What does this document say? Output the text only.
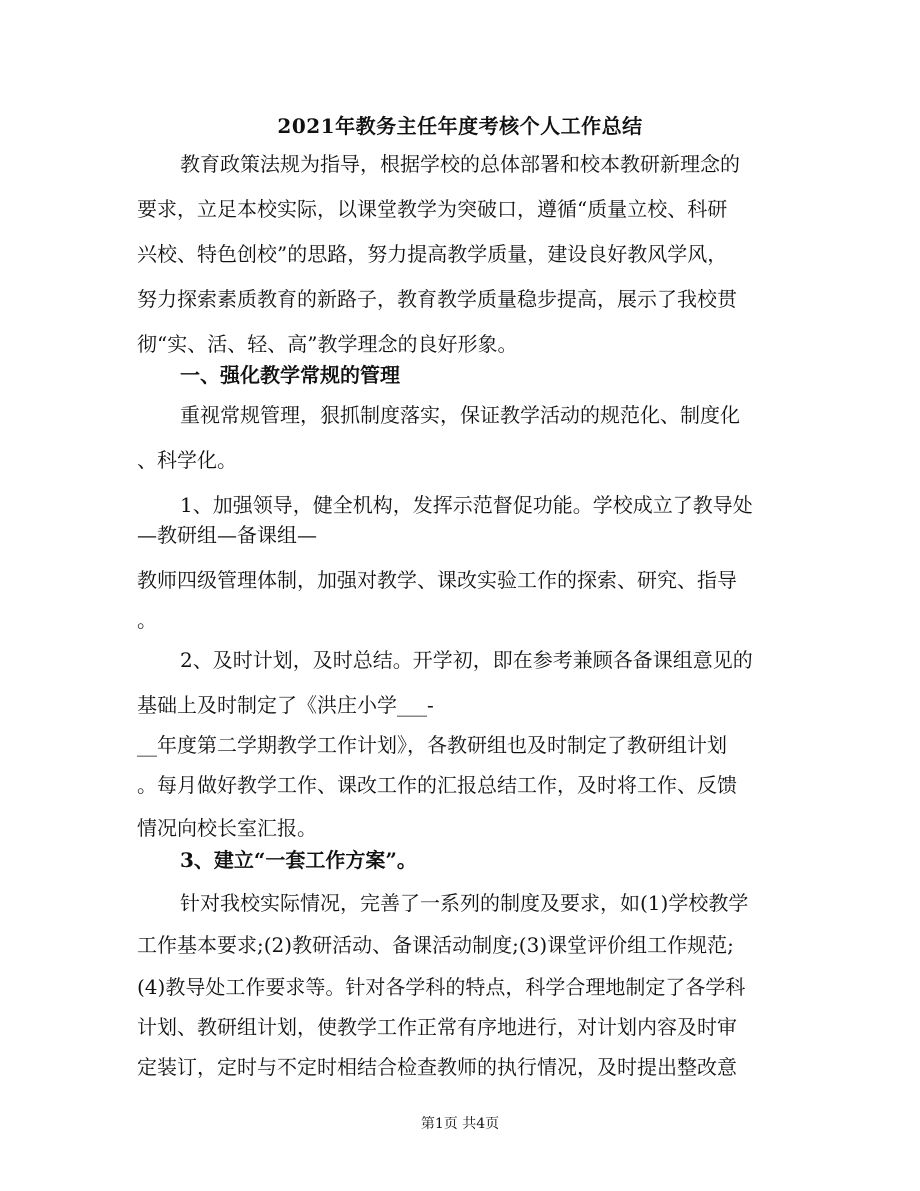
2021年教务主任年度考核个人工作总结
教育政策法规为指导，根据学校的总体部署和校本教研新理念的
要求，立足本校实际，以课堂教学为突破口，遵循“质量立校、科研
兴校、特色创校”的思路，努力提高教学质量，建设良好教风学风，
努力探索素质教育的新路子，教育教学质量稳步提高，展示了我校贯
彻“实、活、轻、高”教学理念的良好形象。
一、强化教学常规的管理
重视常规管理，狠抓制度落实，保证教学活动的规范化、制度化
、科学化。
1、加强领导，健全机构，发挥示范督促功能。学校成立了教导处
—教研组—备课组—
教师四级管理体制，加强对教学、课改实验工作的探索、研究、指导
。
2、及时计划，及时总结。开学初，即在参考兼顾各备课组意见的
基础上及时制定了《洪庄小学___-
__年度第二学期教学工作计划》，各教研组也及时制定了教研组计划
。每月做好教学工作、课改工作的汇报总结工作，及时将工作、反馈
情况向校长室汇报。
3、建立“一套工作方案”。
针对我校实际情况，完善了一系列的制度及要求，如(1)学校教学
工作基本要求;(2)教研活动、备课活动制度;(3)课堂评价组工作规范;
(4)教导处工作要求等。针对各学科的特点，科学合理地制定了各学科
计划、教研组计划，使教学工作正常有序地进行，对计划内容及时审
定装订，定时与不定时相结合检查教师的执行情况，及时提出整改意
第1页 共4页
